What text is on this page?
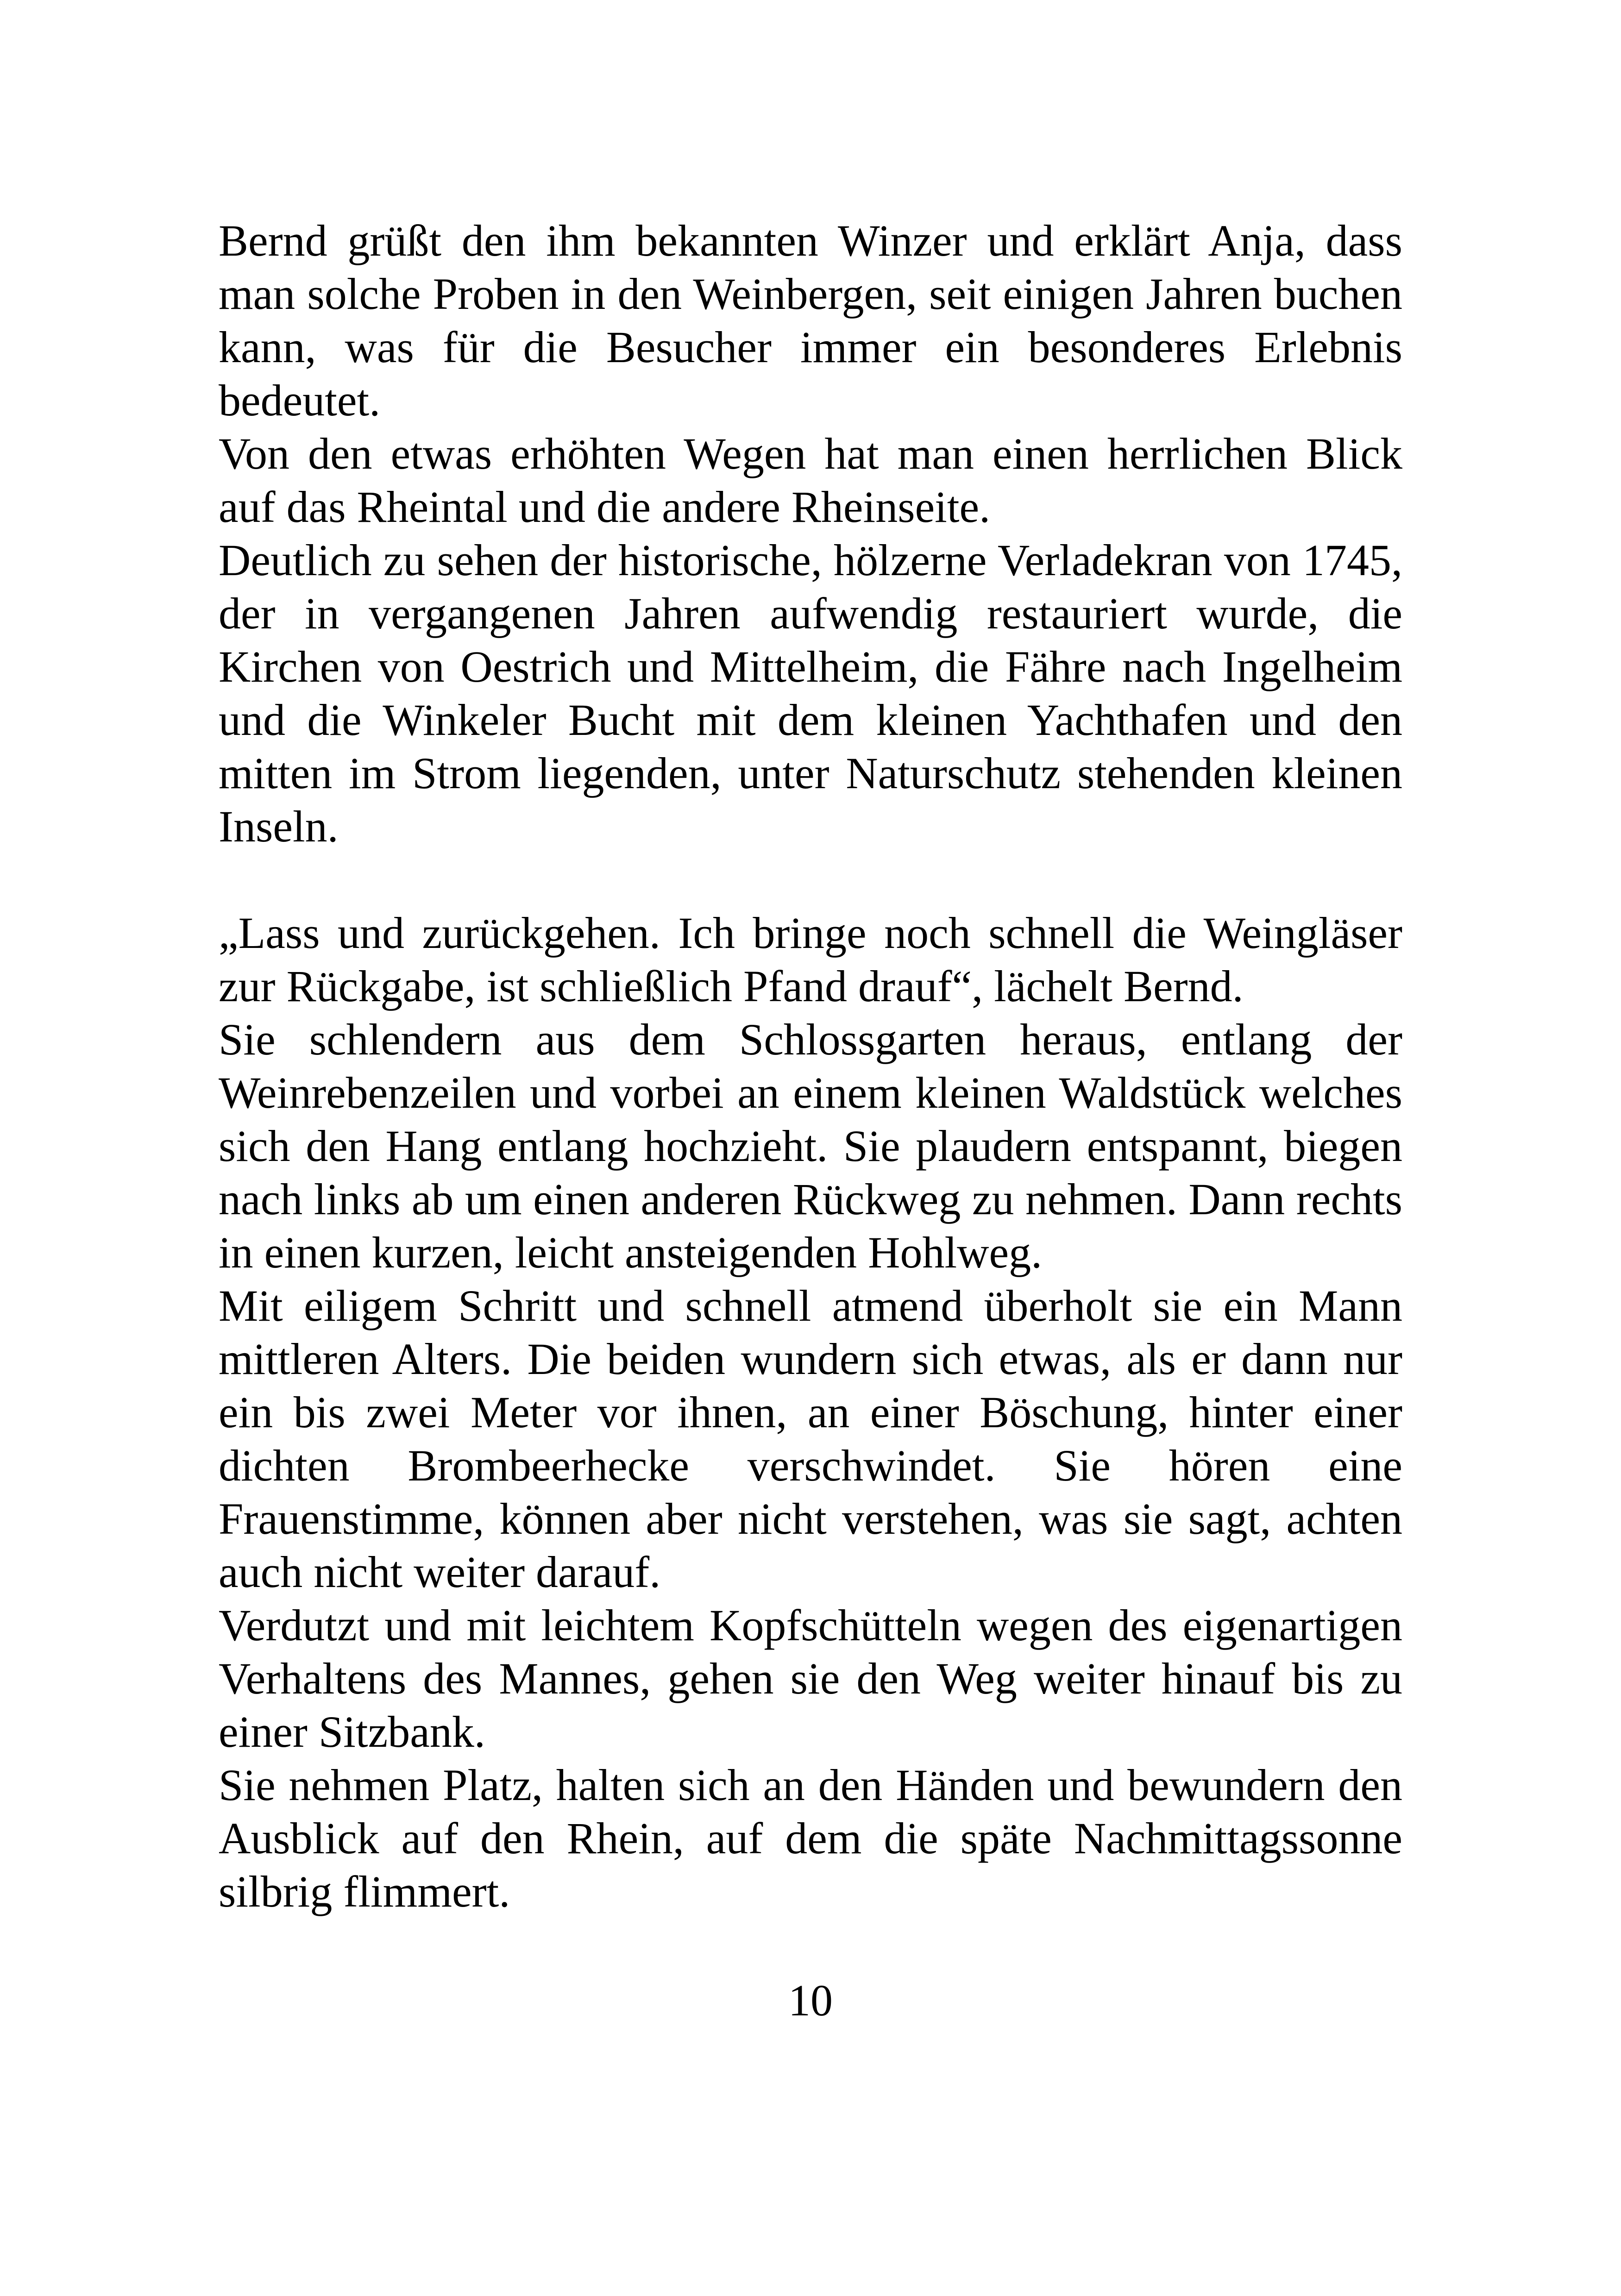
Bernd grüßt den ihm bekannten Winzer und erklärt Anja, dass man solche Proben in den Weinbergen, seit einigen Jahren buchen kann, was für die Besucher immer ein besonderes Erlebnis bedeutet.

Von den etwas erhöhten Wegen hat man einen herrlichen Blick auf das Rheintal und die andere Rheinseite.

Deutlich zu sehen der historische, hölzerne Verladekran von 1745, der in vergangenen Jahren aufwendig restauriert wurde, die Kirchen von Oestrich und Mittelheim, die Fähre nach Ingelheim und die Winkeler Bucht mit dem kleinen Yachthafen und den mitten im Strom liegenden, unter Naturschutz stehenden kleinen Inseln.

„Lass und zurückgehen. Ich bringe noch schnell die Weingläser zur Rückgabe, ist schließlich Pfand drauf“, lächelt Bernd.

Sie schlendern aus dem Schlossgarten heraus, entlang der Weinrebenzeilen und vorbei an einem kleinen Waldstück welches sich den Hang entlang hochzieht. Sie plaudern entspannt, biegen nach links ab um einen anderen Rückweg zu nehmen. Dann rechts in einen kurzen, leicht ansteigenden Hohlweg.

Mit eiligem Schritt und schnell atmend überholt sie ein Mann mittleren Alters. Die beiden wundern sich etwas, als er dann nur ein bis zwei Meter vor ihnen, an einer Böschung, hinter einer dichten Brombeerhecke verschwindet. Sie hören eine Frauenstimme, können aber nicht verstehen, was sie sagt, achten auch nicht weiter darauf.

Verdutzt und mit leichtem Kopfschütteln wegen des eigenartigen Verhaltens des Mannes, gehen sie den Weg weiter hinauf bis zu einer Sitzbank.

Sie nehmen Platz, halten sich an den Händen und bewundern den Ausblick auf den Rhein, auf dem die späte Nachmittagssonne silbrig flimmert.

10
